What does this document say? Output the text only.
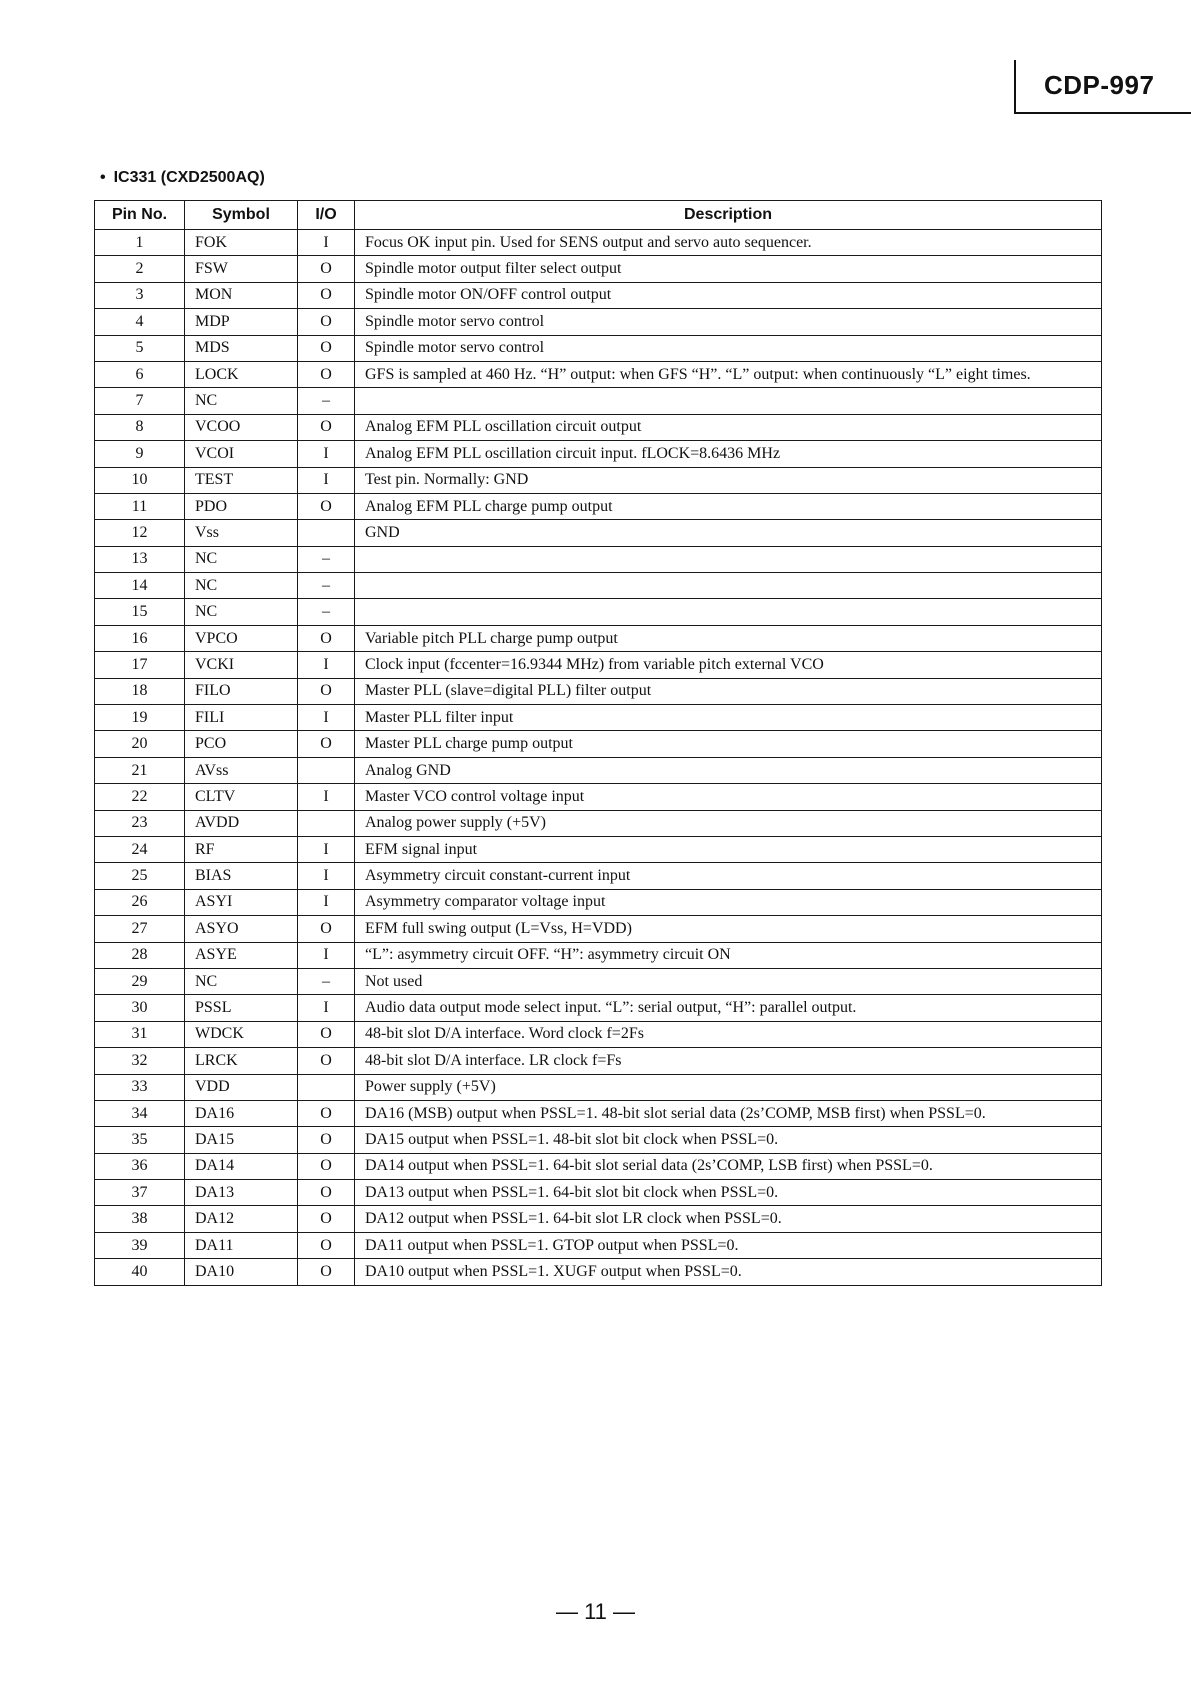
CDP-997
• IC331 (CXD2500AQ)
Pin No.	Symbol	I/O	Description
1	FOK	I	Focus OK input pin. Used for SENS output and servo auto sequencer.
2	FSW	O	Spindle motor output filter select output
3	MON	O	Spindle motor ON/OFF control output
4	MDP	O	Spindle motor servo control
5	MDS	O	Spindle motor servo control
6	LOCK	O	GFS is sampled at 460 Hz. “H” output: when GFS “H”. “L” output: when continuously “L” eight times.
7	NC	–	
8	VCOO	O	Analog EFM PLL oscillation circuit output
9	VCOI	I	Analog EFM PLL oscillation circuit input. fLOCK=8.6436 MHz
10	TEST	I	Test pin. Normally: GND
11	PDO	O	Analog EFM PLL charge pump output
12	Vss		GND
13	NC	–	
14	NC	–	
15	NC	–	
16	VPCO	O	Variable pitch PLL charge pump output
17	VCKI	I	Clock input (fccenter=16.9344 MHz) from variable pitch external VCO
18	FILO	O	Master PLL (slave=digital PLL) filter output
19	FILI	I	Master PLL filter input
20	PCO	O	Master PLL charge pump output
21	AVss		Analog GND
22	CLTV	I	Master VCO control voltage input
23	AVDD		Analog power supply (+5V)
24	RF	I	EFM signal input
25	BIAS	I	Asymmetry circuit constant-current input
26	ASYI	I	Asymmetry comparator voltage input
27	ASYO	O	EFM full swing output (L=Vss, H=VDD)
28	ASYE	I	“L”: asymmetry circuit OFF. “H”: asymmetry circuit ON
29	NC	–	Not used
30	PSSL	I	Audio data output mode select input. “L”: serial output, “H”: parallel output.
31	WDCK	O	48-bit slot D/A interface. Word clock f=2Fs
32	LRCK	O	48-bit slot D/A interface. LR clock f=Fs
33	VDD		Power supply (+5V)
34	DA16	O	DA16 (MSB) output when PSSL=1. 48-bit slot serial data (2s’COMP, MSB first) when PSSL=0.
35	DA15	O	DA15 output when PSSL=1. 48-bit slot bit clock when PSSL=0.
36	DA14	O	DA14 output when PSSL=1. 64-bit slot serial data (2s’COMP, LSB first) when PSSL=0.
37	DA13	O	DA13 output when PSSL=1. 64-bit slot bit clock when PSSL=0.
38	DA12	O	DA12 output when PSSL=1. 64-bit slot LR clock when PSSL=0.
39	DA11	O	DA11 output when PSSL=1. GTOP output when PSSL=0.
40	DA10	O	DA10 output when PSSL=1. XUGF output when PSSL=0.
— 11 —
